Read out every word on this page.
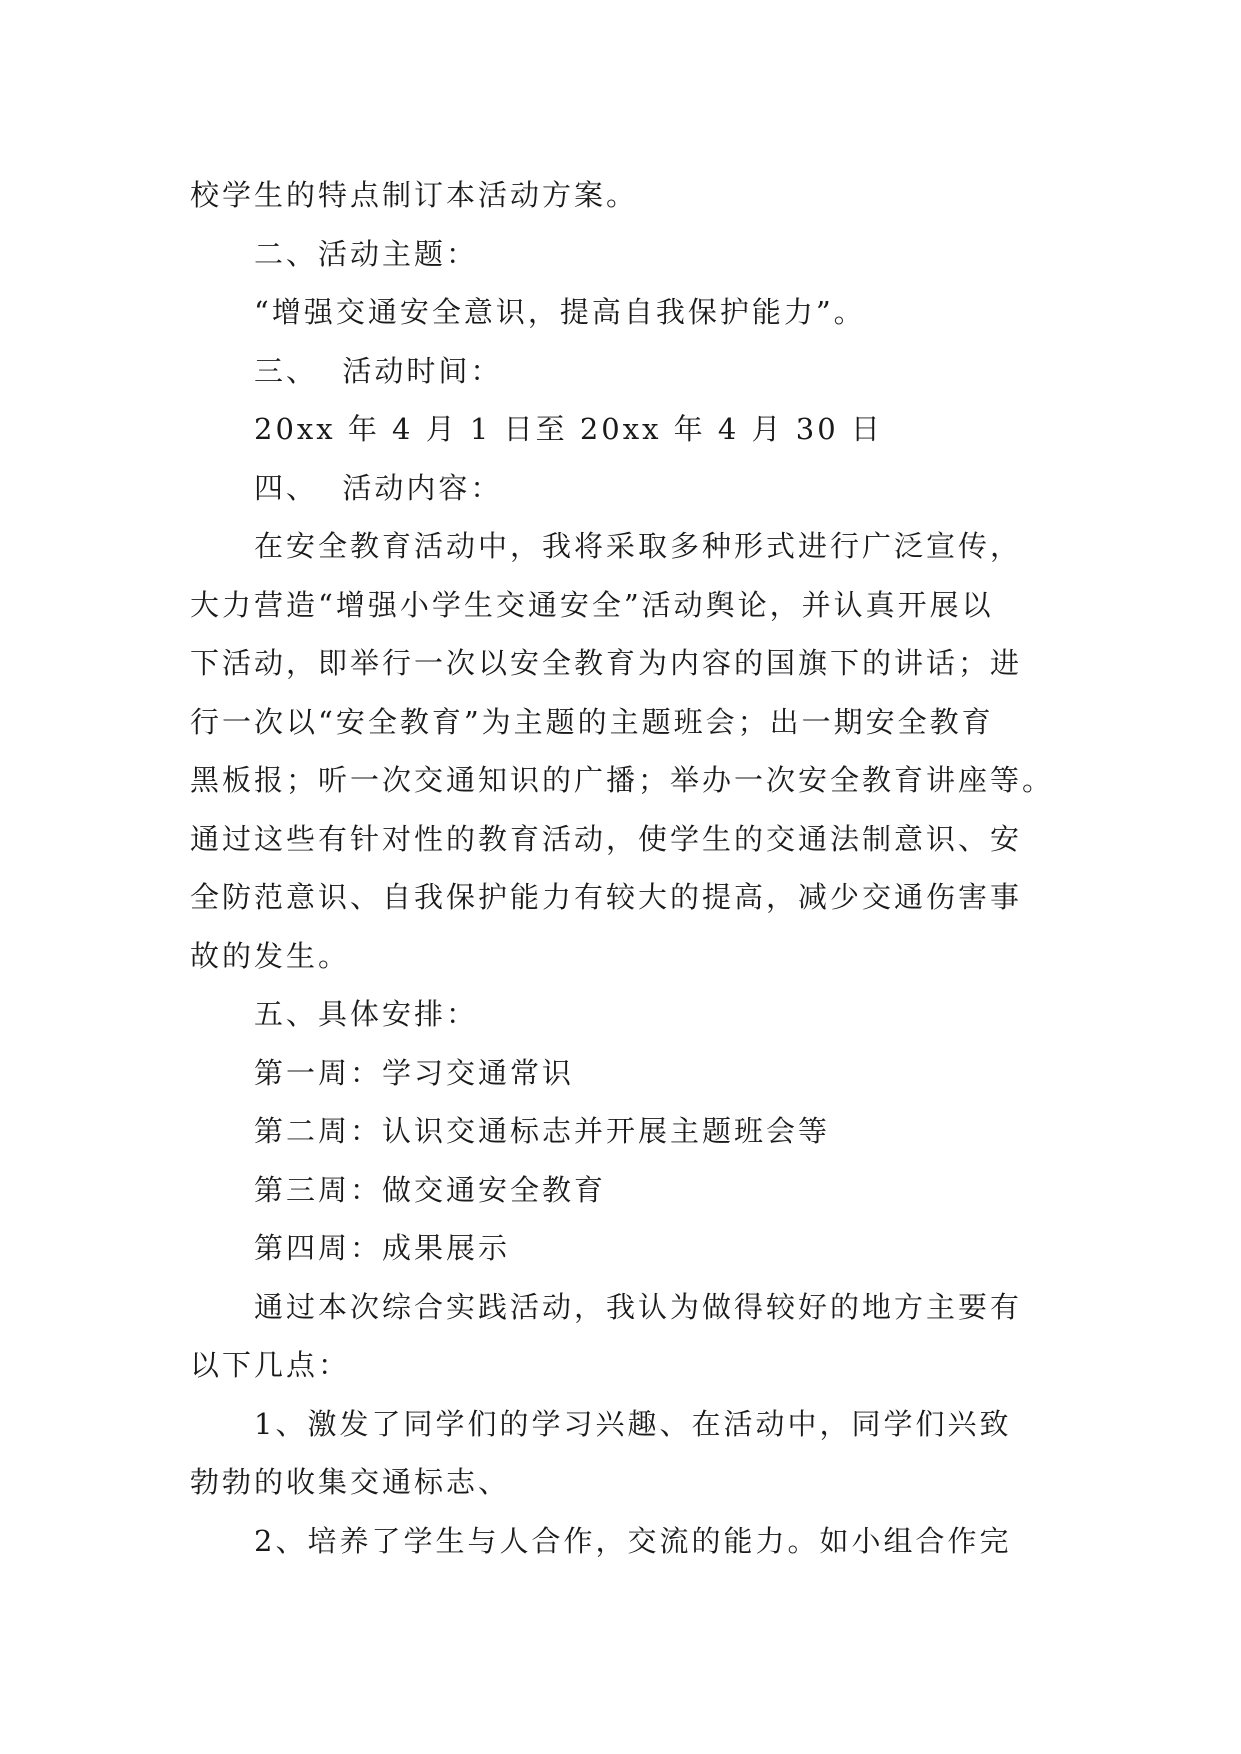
校学生的特点制订本活动方案。
二、活动主题：
“增强交通安全意识，提高自我保护能力”。
三、  活动时间：
20xx 年 4 月 1 日至 20xx 年 4 月 30 日
四、  活动内容：
在安全教育活动中，我将采取多种形式进行广泛宣传，
大力营造“增强小学生交通安全”活动舆论，并认真开展以
下活动，即举行一次以安全教育为内容的国旗下的讲话；进
行一次以“安全教育”为主题的主题班会；出一期安全教育
黑板报；听一次交通知识的广播；举办一次安全教育讲座等。
通过这些有针对性的教育活动，使学生的交通法制意识、安
全防范意识、自我保护能力有较大的提高，减少交通伤害事
故的发生。
五、具体安排：
第一周：学习交通常识
第二周：认识交通标志并开展主题班会等
第三周：做交通安全教育
第四周：成果展示
通过本次综合实践活动，我认为做得较好的地方主要有
以下几点：
1、激发了同学们的学习兴趣、在活动中，同学们兴致
勃勃的收集交通标志、
2、培养了学生与人合作，交流的能力。如小组合作完
